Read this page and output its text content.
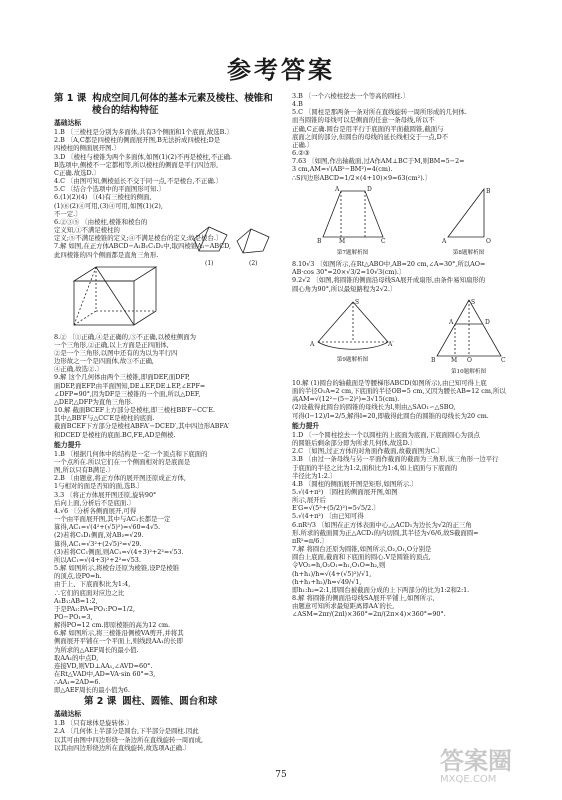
参考答案
第 1 课 构成空间几何体的基本元素及棱柱、棱锥和
棱台的结构特征
基础达标
1.B 〔三棱柱是分别为多面体,共有3个侧面和1个底面,故选B.〕
2.B 〔A,C都是四棱柱的侧面展开图,B无法折成四棱柱;D是
四棱柱的侧面展开图.〕
3.D 〔棱柱与棱锥为两个多面体,如图(1)(2)不再是棱柱,不正确.
B选项中,侧棱不一定都相等,所以棱柱的侧面是平行四边形,
C正确.故选D.〕
4.C 〔由图可知,侧棱延长不交于同一点,不是棱台,不正确.〕
5.C 〔结合个选项中的平面图形可知.〕
6.(1)(2)(4) 〔(4)有三棱柱的侧面,
(1)⑥(2)④可用,(3)④可用,如图(1)(2),
不一定.〕
6.②③⑤ 〔由棱柱,棱锥和棱台的
定义知,①不满足棱柱的
定义;⑤不满足棱锥的定义;④不满足棱台的定义;故是棱台.〕
7.解 如图,在正方体ABCD−A₁B₁C₁D₁中,取四棱锥A₁−ABCD,
此四棱锥的四个侧面都是直角三角形.
(1)	(2)
8.② 〔①正确,④是正确的,③不正确,以棱柱侧面为
一个三角形,②正确,以上方面是正四面体,
②是一个三角形,以图中还有的为以为平行四
边形故之一个是四面体,故③不正确,
④正确,故选②.〕
9.解 这个几何体由两个三棱锥,即面DEF,面DFP,
面DEP,面EFP.由平面图知,DE⊥EF,DE⊥EP,∠EPF=
∠DFP=90°,因为DF是三棱锥的一个面,所以△DEF,
△DEP,△DFP为直角三角形.
10.解 截面BCEF上方部分是棱柱,即三棱柱BB′F−CC′E.
其中△BB′F与△CC′E是棱柱的底面.
截面BCEF下方部分是棱柱ABFA′−DCED′,其中四边形ABFA′
和DCED′是棱柱的底面.BC,FE,AD是侧棱.
能力提升
1.B 〔根据几何体中的结构是一定一个顶点和下底面的
一个点所在.所以它们在一个侧面相对的是底面是
图,所以只有B满足.〕
2.B 〔由题意,将正方体的展开图还原成正方体,
1与相对的面是否知的面,选B.〕
3.3 〔将正方体展开图还原,旋转90°
后向上面,分析后不是底面.〕
4.√6 〔分析各侧面展开,可得
一个由平面展开图,其中与AC₁长都是一定
算得,AC₁=√(4²+(√5)²)=√60=4√5.
(2)若将C₁D₁侧面,对AB₂=√29.
算得,AC₁=√3²+(2√5)²=√29.
(3)若将CC₁侧面,则AC₁=√(4+3)²+2²=√53.
所以AC₁=√(4+3)²+2²=√53.
5.解 如图所示,将棱台还原为棱锥,设P是棱锥
的顶点,设P0=h.
由于上、下底面积比为1:4,
∴它们的底面对应边之比
A₁B₁:AB=1:2,
于是PA₁:PA=PO₁:PO=1/2,
PO−PO₁=3,
解得PO=12 cm.即原棱锥的高为12 cm.
6.解 如图所示,将三棱锥沿侧棱VA剪开,并将其
侧面展开平铺在一个平面上,则线段AA₁的长即
为所求的△AEF周长的最小值.
取AA₁的中点D,
连接VD,则VD⊥AA₁,∠AVD=60°.
在Rt△VAD中,AD=VA·sin 60°=3,
∴AA₁=2AD=6.
即△AEF周长的最小值为6.
第 2 课 圆柱、圆锥、圆台和球
基础达标
1.B 〔只有球体是旋转体.〕
2.A 〔几何体上半部分是圆台,下半部分是圆柱.因此
以其可由图中四边形绕一条边所在直线旋转一周而成,
以其由四边形绕边所在直线旋转,故选项A正确.〕
3.B 〔一个六棱柱挖去一个等高的圆柱.〕
4.B
5.C 〔圆柱是那两条一条对所在直线旋转一周所形成的几何体.
而当圆锥的母线可以是侧面的任意一条母线,所以不
正确,C正确.圆台是用平行于底面的平面截圆锥,截面与
底面之间的部分,但圆台的母线的延长线相交于一点,D不
正确.〕
6.②③
7.63 〔如图,作出轴截面,过A作AM⊥BC于M,则BM=5−2=
3 cm,AM=√(AB²−BM²)=4(cm).
∴S四边形ABCD=1/2×(4+10)×9=63(cm²).〕
A	D
B	M	C
第7题解析图
B
A	O
第8题解析图
8.10√3 〔如图所示,在Rt△ABO中,AB=20 cm,∠A=30°,所以AO=
AB·cos 30°=20×√3/2=10√3(cm).〕
9.2√2 〔如图,将圆锥的侧面沿母线SA展开成扇形,由条件易知扇形的
圆心角为90°,所以最短路程为2√2.〕
S
A	A′
第9题解析图
S
A	D
B	M O	C
第10题解析图
10.解 (1)圆台的轴截面是等腰梯形ABCD(如图所示),由已知可得上底
面的半径O₁A=2 cm,下底面的半径OB=5 cm,又因为腰长AB=12 cm,所以
高AM=√(12²−(5−2)²)=3√15(cm).
(2)设截得此圆台的圆锥的母线长为l,则由△SAO₁∽△SBO,
可得(l−12)/l=2/5,解得l=20,即截得此圆台的圆锥的母线长为20 cm.
能力提升
1.D 〔一个圆柱挖去一个以圆柱的上底面为底面,下底面圆心为顶点
的圆锥后剩余部分即为所求几何体,故选D.〕
2.C 〔如图,过正方体的对角面作截面,故截面图为C.〕
3.B 〔由过一条母线与另一平面作截面的截面为三角形,该三角形一边平行
于底面的半径之比为1:2,面积比为1:4,如上底面与下底面的
半径比为1:2.〕
4.B 〔圆柱的侧面展开图是矩形,如图所示.〕
5.√(4+π²) 〔圆柱的侧面展开图,如图
所示,展开后
E′G=√(5²+(5/2)²)=5√5/2.〕
5.√(4+π²) 〔由已知可得
6.πR²/3 〔如图在正方体表面中心,△ACD₁为边长为√2的正三角
形.所求的截面圆为正△ACD₁的内切圆,其半径为√6/6,故S截面圆=
πR²=π/6.〕
7.解 将圆台还原为圆锥,如图所示,O₂,O₁,O分别是
圆台上底面,截面和下底面的圆心.V是圆锥的顶点,
令VO₂=h,O₂O₁=h₁,O₁O=h₂,则
(h+h₁)/h=√(4+(√5)²)/√1,
(h+h₁+h₂)/h=√49/√1,
即h₁:h₂=2:1,即圆台被截面分成的上下两部分的比为1:2和2:1.
8.解 将圆锥的侧面沿母线SA展开平铺上,如图所示,
由题意可知所求最短距离即AA′的长,
∠ASM=2πr/(2πl)×360°=2π/(2π×4)×360°=90°.
75	答案圈
MXQE.COM
